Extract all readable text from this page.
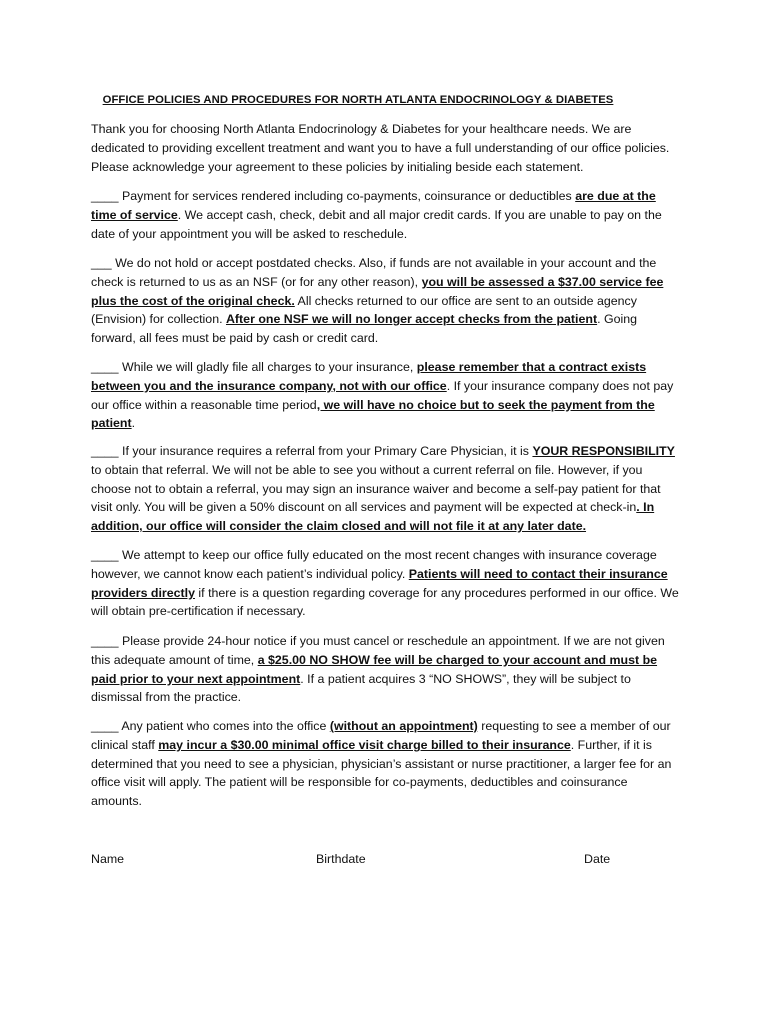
OFFICE POLICIES AND PROCEDURES FOR NORTH ATLANTA ENDOCRINOLOGY & DIABETES
Thank you for choosing North Atlanta Endocrinology & Diabetes for your healthcare needs. We are dedicated to providing excellent treatment and want you to have a full understanding of our office policies. Please acknowledge your agreement to these policies by initialing beside each statement.
____ Payment for services rendered including co-payments, coinsurance or deductibles are due at the time of service. We accept cash, check, debit and all major credit cards. If you are unable to pay on the date of your appointment you will be asked to reschedule.
___ We do not hold or accept postdated checks. Also, if funds are not available in your account and the check is returned to us as an NSF (or for any other reason), you will be assessed a $37.00 service fee plus the cost of the original check. All checks returned to our office are sent to an outside agency (Envision) for collection. After one NSF we will no longer accept checks from the patient. Going forward, all fees must be paid by cash or credit card.
____ While we will gladly file all charges to your insurance, please remember that a contract exists between you and the insurance company, not with our office. If your insurance company does not pay our office within a reasonable time period, we will have no choice but to seek the payment from the patient.
____ If your insurance requires a referral from your Primary Care Physician, it is YOUR RESPONSIBILITY to obtain that referral. We will not be able to see you without a current referral on file. However, if you choose not to obtain a referral, you may sign an insurance waiver and become a self-pay patient for that visit only. You will be given a 50% discount on all services and payment will be expected at check-in. In addition, our office will consider the claim closed and will not file it at any later date.
____ We attempt to keep our office fully educated on the most recent changes with insurance coverage however, we cannot know each patient’s individual policy. Patients will need to contact their insurance providers directly if there is a question regarding coverage for any procedures performed in our office. We will obtain pre-certification if necessary.
____ Please provide 24-hour notice if you must cancel or reschedule an appointment. If we are not given this adequate amount of time, a $25.00 NO SHOW fee will be charged to your account and must be paid prior to your next appointment. If a patient acquires 3 “NO SHOWS”, they will be subject to dismissal from the practice.
____ Any patient who comes into the office (without an appointment) requesting to see a member of our clinical staff may incur a $30.00 minimal office visit charge billed to their insurance. Further, if it is determined that you need to see a physician, physician’s assistant or nurse practitioner, a larger fee for an office visit will apply. The patient will be responsible for co-payments, deductibles and coinsurance amounts.
Name	Birthdate	Date
